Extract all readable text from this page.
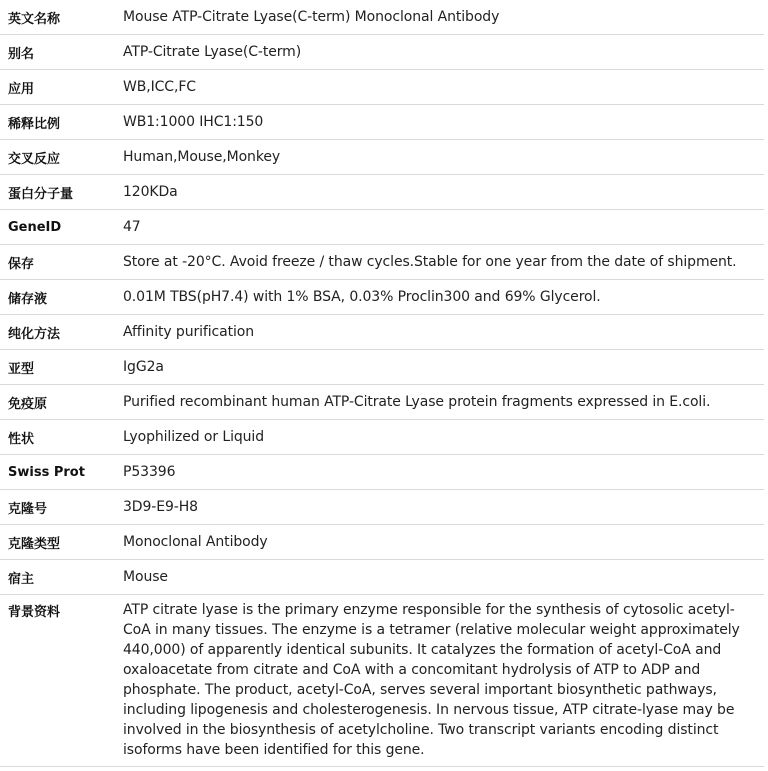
英文名称	Mouse ATP-Citrate Lyase(C-term) Monoclonal Antibody
别名	ATP-Citrate Lyase(C-term)
应用	WB,ICC,FC
稀释比例	WB1:1000 IHC1:150
交叉反应	Human,Mouse,Monkey
蛋白分子量	120KDa
GeneID	47
保存	Store at -20°C. Avoid freeze / thaw cycles.Stable for one year from the date of shipment.
储存液	0.01M TBS(pH7.4) with 1% BSA, 0.03% Proclin300 and 69% Glycerol.
纯化方法	Affinity purification
亚型	IgG2a
免疫原	Purified recombinant human ATP-Citrate Lyase protein fragments expressed in E.coli.
性状	Lyophilized or Liquid
Swiss Prot	P53396
克隆号	3D9-E9-H8
克隆类型	Monoclonal Antibody
宿主	Mouse
背景资料	ATP citrate lyase is the primary enzyme responsible for the synthesis of cytosolic acetyl-CoA in many tissues. The enzyme is a tetramer (relative molecular weight approximately 440,000) of apparently identical subunits. It catalyzes the formation of acetyl-CoA and oxaloacetate from citrate and CoA with a concomitant hydrolysis of ATP to ADP and phosphate. The product, acetyl-CoA, serves several important biosynthetic pathways, including lipogenesis and cholesterogenesis. In nervous tissue, ATP citrate-lyase may be involved in the biosynthesis of acetylcholine. Two transcript variants encoding distinct isoforms have been identified for this gene.
